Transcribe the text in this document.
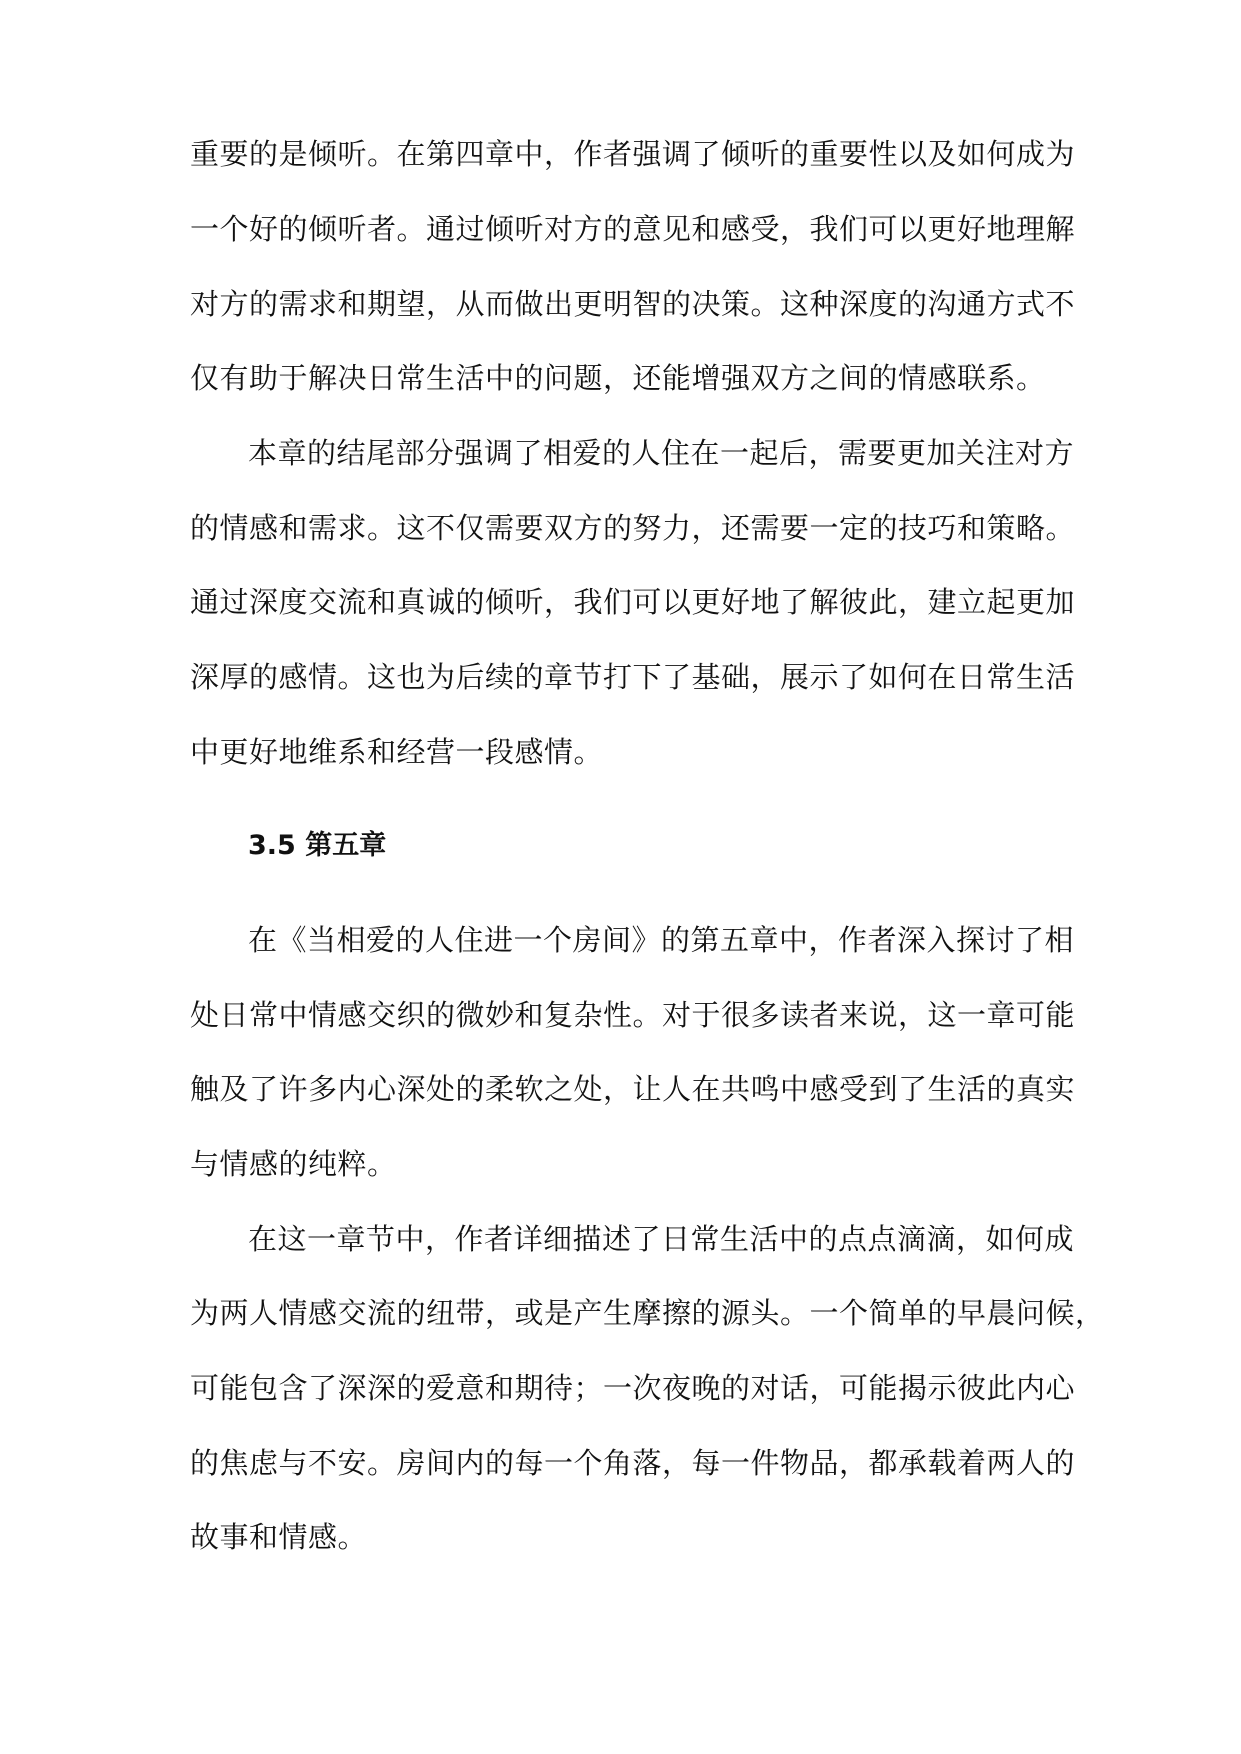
重要的是倾听。在第四章中，作者强调了倾听的重要性以及如何成为
一个好的倾听者。通过倾听对方的意见和感受，我们可以更好地理解
对方的需求和期望，从而做出更明智的决策。这种深度的沟通方式不
仅有助于解决日常生活中的问题，还能增强双方之间的情感联系。
本章的结尾部分强调了相爱的人住在一起后，需要更加关注对方
的情感和需求。这不仅需要双方的努力，还需要一定的技巧和策略。
通过深度交流和真诚的倾听，我们可以更好地了解彼此，建立起更加
深厚的感情。这也为后续的章节打下了基础，展示了如何在日常生活
中更好地维系和经营一段感情。
3.5 第五章
在《当相爱的人住进一个房间》的第五章中，作者深入探讨了相
处日常中情感交织的微妙和复杂性。对于很多读者来说，这一章可能
触及了许多内心深处的柔软之处，让人在共鸣中感受到了生活的真实
与情感的纯粹。
在这一章节中，作者详细描述了日常生活中的点点滴滴，如何成
为两人情感交流的纽带，或是产生摩擦的源头。一个简单的早晨问候，
可能包含了深深的爱意和期待；一次夜晚的对话，可能揭示彼此内心
的焦虑与不安。房间内的每一个角落，每一件物品，都承载着两人的
故事和情感。
